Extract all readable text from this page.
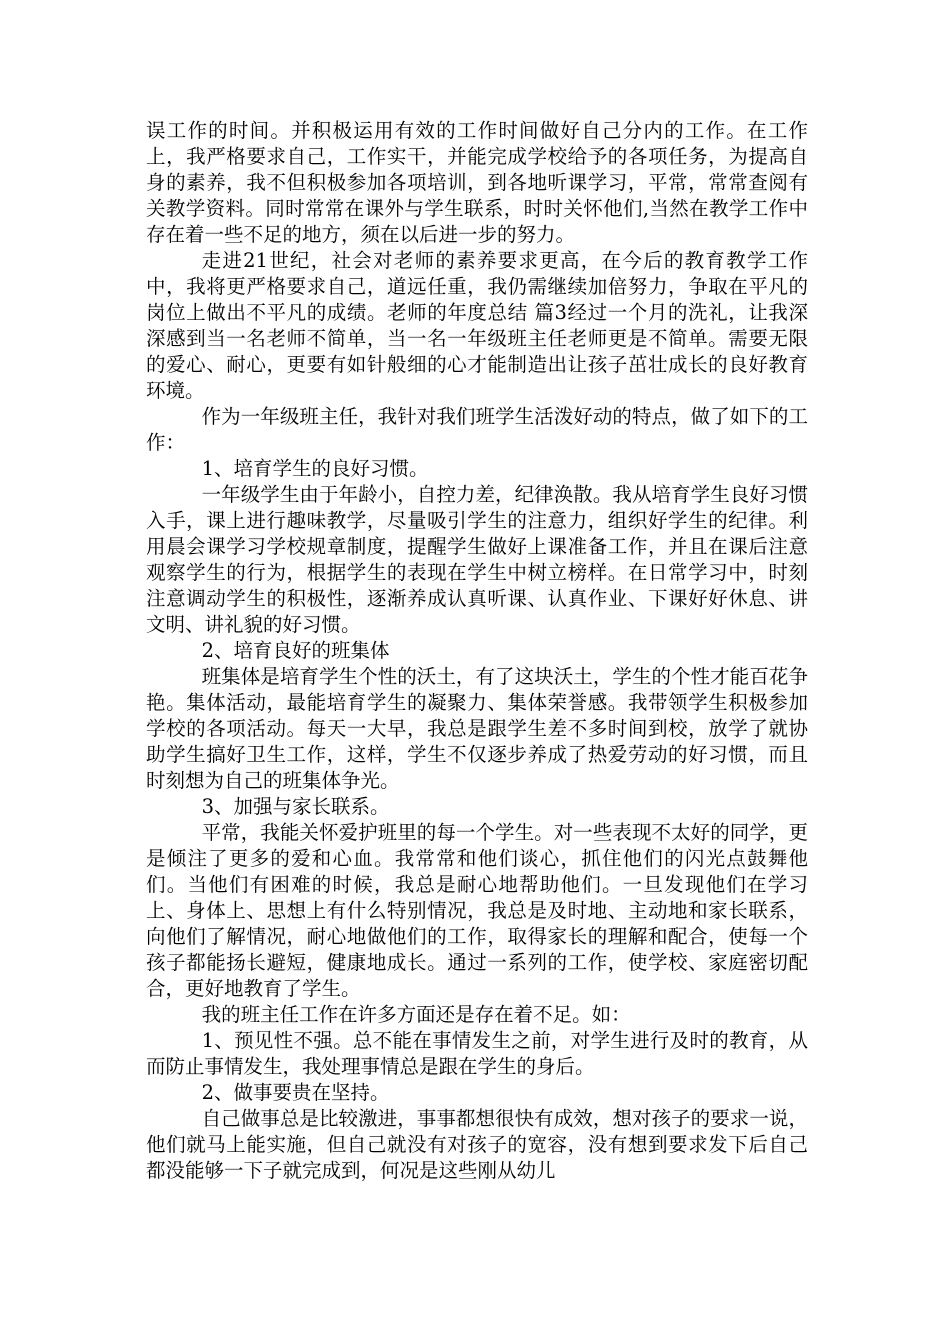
误工作的时间。并积极运用有效的工作时间做好自己分内的工作。在工作上，我严格要求自己，工作实干，并能完成学校给予的各项任务，为提高自身的素养，我不但积极参加各项培训，到各地听课学习，平常，常常查阅有关教学资料。同时常常在课外与学生联系，时时关怀他们,当然在教学工作中存在着一些不足的地方，须在以后进一步的努力。

走进21世纪，社会对老师的素养要求更高，在今后的教育教学工作中，我将更严格要求自己，道远任重，我仍需继续加倍努力，争取在平凡的岗位上做出不平凡的成绩。老师的年度总结 篇3经过一个月的洗礼，让我深深感到当一名老师不简单，当一名一年级班主任老师更是不简单。需要无限的爱心、耐心，更要有如针般细的心才能制造出让孩子茁壮成长的良好教育环境。

作为一年级班主任，我针对我们班学生活泼好动的特点，做了如下的工作：

1、培育学生的良好习惯。

一年级学生由于年龄小，自控力差，纪律涣散。我从培育学生良好习惯入手，课上进行趣味教学，尽量吸引学生的注意力，组织好学生的纪律。利用晨会课学习学校规章制度，提醒学生做好上课准备工作，并且在课后注意观察学生的行为，根据学生的表现在学生中树立榜样。在日常学习中，时刻注意调动学生的积极性，逐渐养成认真听课、认真作业、下课好好休息、讲文明、讲礼貌的好习惯。

2、培育良好的班集体

班集体是培育学生个性的沃土，有了这块沃土，学生的个性才能百花争艳。集体活动，最能培育学生的凝聚力、集体荣誉感。我带领学生积极参加学校的各项活动。每天一大早，我总是跟学生差不多时间到校，放学了就协助学生搞好卫生工作，这样，学生不仅逐步养成了热爱劳动的好习惯，而且时刻想为自己的班集体争光。

3、加强与家长联系。

平常，我能关怀爱护班里的每一个学生。对一些表现不太好的同学，更是倾注了更多的爱和心血。我常常和他们谈心，抓住他们的闪光点鼓舞他们。当他们有困难的时候，我总是耐心地帮助他们。一旦发现他们在学习上、身体上、思想上有什么特别情况，我总是及时地、主动地和家长联系，向他们了解情况，耐心地做他们的工作，取得家长的理解和配合，使每一个孩子都能扬长避短，健康地成长。通过一系列的工作，使学校、家庭密切配合，更好地教育了学生。

我的班主任工作在许多方面还是存在着不足。如：

1、预见性不强。总不能在事情发生之前，对学生进行及时的教育，从而防止事情发生，我处理事情总是跟在学生的身后。

2、做事要贵在坚持。

自己做事总是比较激进，事事都想很快有成效，想对孩子的要求一说，他们就马上能实施，但自己就没有对孩子的宽容，没有想到要求发下后自己都没能够一下子就完成到，何况是这些刚从幼儿
